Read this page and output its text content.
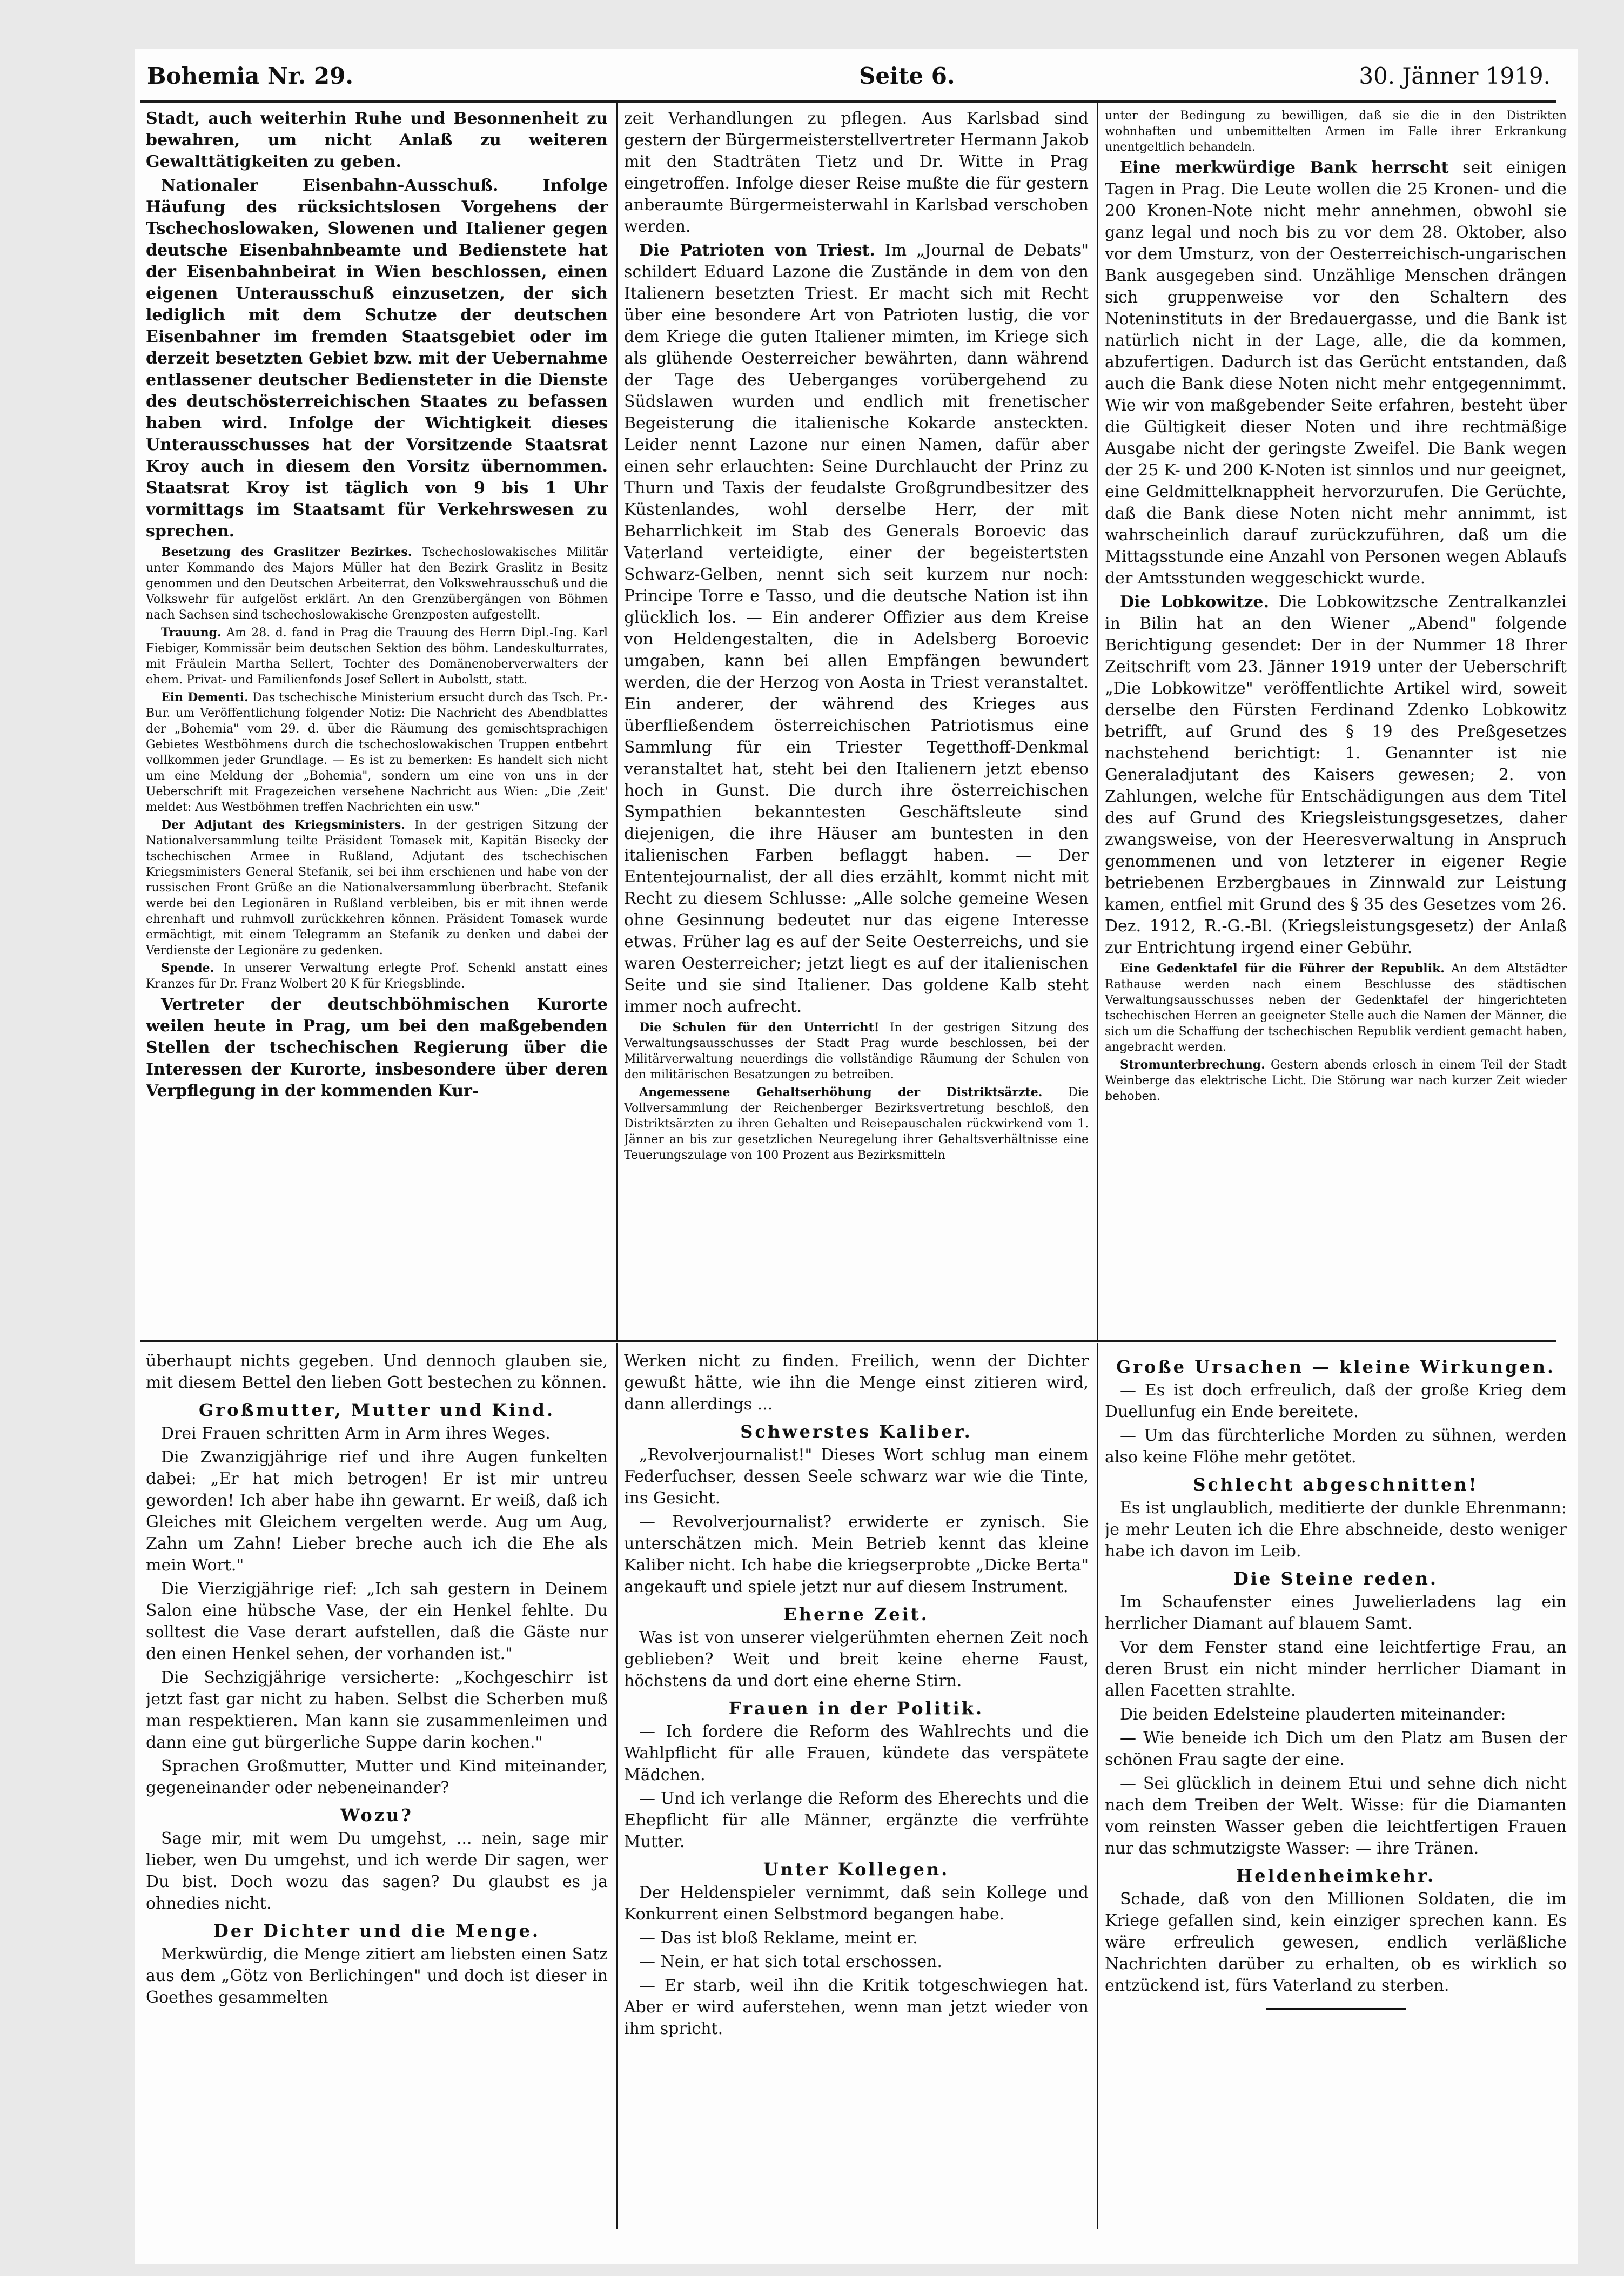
Bohemia Nr. 29.	Seite 6.	30. Jänner 1919.

Stadt, auch weiterhin Ruhe und Besonnenheit zu bewahren, um nicht Anlaß zu weiteren Gewalttätigkeiten zu geben.

Nationaler Eisenbahn-Ausschuß.	Infolge Häufung des rücksichtslosen Vorgehens der Tschechoslowaken, Slowenen und Italiener gegen deutsche Eisenbahnbeamte und Bedienstete hat der Eisenbahnbeirat in Wien beschlossen, einen eigenen Unterausschuß einzusetzen, der sich lediglich mit dem Schutze der deutschen Eisenbahner im fremden Staatsgebiet oder im derzeit besetzten Gebiet bzw. mit der Uebernahme entlassener deutscher Bediensteter in die Dienste des deutschösterreichischen Staates zu befassen haben wird. Infolge der Wichtigkeit dieses Unterausschusses hat der Vorsitzende Staatsrat Kroy auch in diesem den Vorsitz übernommen. Staatsrat Kroy ist täglich von 9 bis 1 Uhr vormittags im Staatsamt für Verkehrswesen zu sprechen.

Besetzung des Graslitzer Bezirkes. Tschechoslowakisches Militär unter Kommando des Majors Müller hat den Bezirk Graslitz in Besitz genommen und den Deutschen Arbeiterrat, den Volkswehrausschuß und die Volkswehr für aufgelöst erklärt. An den Grenzübergängen von Böhmen nach Sachsen sind tschechoslowakische Grenzposten aufgestellt.

Trauung. Am 28. d. fand in Prag die Trauung des Herrn Dipl.-Ing. Karl Fiebiger, Kommissär beim deutschen Sektion des böhm. Landeskulturrates, mit Fräulein Martha Sellert, Tochter des Domänenoberverwalters der ehem. Privat- und Familienfonds Josef Sellert in Aubolstt, statt.

Ein Dementi. Das tschechische Ministerium ersucht durch das Tsch. Pr.-Bur. um Veröffentlichung folgender Notiz: Die Nachricht des Abendblattes der „Bohemia" vom 29. d. über die Räumung des gemischtsprachigen Gebietes Westböhmens durch die tschechoslowakischen Truppen entbehrt vollkommen jeder Grundlage. — Es ist zu bemerken: Es handelt sich nicht um eine Meldung der „Bohemia", sondern um eine von uns in der Ueberschrift mit Fragezeichen versehene Nachricht aus Wien: „Die ‚Zeit' meldet: Aus Westböhmen treffen Nachrichten ein usw."

Der Adjutant des Kriegsministers. In der gestrigen Sitzung der Nationalversammlung teilte Präsident Tomasek mit, Kapitän Bisecky der tschechischen Armee in Rußland, Adjutant des tschechischen Kriegsministers General Stefanik, sei bei ihm erschienen und habe von der russischen Front Grüße an die Nationalversammlung überbracht. Stefanik werde bei den Legionären in Rußland verbleiben, bis er mit ihnen werde ehrenhaft und ruhmvoll zurückkehren können. Präsident Tomasek wurde ermächtigt, mit einem Telegramm an Stefanik zu denken und dabei der Verdienste der Legionäre zu gedenken.

Spende. In unserer Verwaltung erlegte Prof. Schenkl anstatt eines Kranzes für Dr. Franz Wolbert 20 K für Kriegsblinde.

Vertreter der deutschböhmischen Kurorte weilen heute in Prag, um bei den maßgebenden Stellen der tschechischen Regierung über die Interessen der Kurorte, insbesondere über deren Verpflegung in der kommenden Kur-

zeit Verhandlungen zu pflegen. Aus Karlsbad sind gestern der Bürgermeisterstellvertreter Hermann Jakob mit den Stadträten Tietz und Dr. Witte in Prag eingetroffen. Infolge dieser Reise mußte die für gestern anberaumte Bürgermeisterwahl in Karlsbad verschoben werden.

Die Patrioten von Triest. Im „Journal de Debats" schildert Eduard Lazone die Zustände in dem von den Italienern besetzten Triest. Er macht sich mit Recht über eine besondere Art von Patrioten lustig, die vor dem Kriege die guten Italiener mimten, im Kriege sich als glühende Oesterreicher bewährten, dann während der Tage des Ueberganges vorübergehend zu Südslawen wurden und endlich mit frenetischer Begeisterung die italienische Kokarde ansteckten. Leider nennt Lazone nur einen Namen, dafür aber einen sehr erlauchten: Seine Durchlaucht der Prinz zu Thurn und Taxis der feudalste Großgrundbesitzer des Küstenlandes, wohl derselbe Herr, der mit Beharrlichkeit im Stab des Generals Boroevic das Vaterland verteidigte, einer der begeistertsten Schwarz-Gelben, nennt sich seit kurzem nur noch: Principe Torre e Tasso, und die deutsche Nation ist ihn glücklich los. — Ein anderer Offizier aus dem Kreise von Heldengestalten, die in Adelsberg Boroevic umgaben, kann bei allen Empfängen bewundert werden, die der Herzog von Aosta in Triest veranstaltet. Ein anderer, der während des Krieges aus überfließendem österreichischen Patriotismus eine Sammlung für ein Triester Tegetthoff-Denkmal veranstaltet hat, steht bei den Italienern jetzt ebenso hoch in Gunst. Die durch ihre österreichischen Sympathien bekanntesten Geschäftsleute sind diejenigen, die ihre Häuser am buntesten in den italienischen Farben beflaggt haben. — Der Ententejournalist, der all dies erzählt, kommt nicht mit Recht zu diesem Schlusse: „Alle solche gemeine Wesen ohne Gesinnung bedeutet nur das eigene Interesse etwas. Früher lag es auf der Seite Oesterreichs, und sie waren Oesterreicher; jetzt liegt es auf der italienischen Seite und sie sind Italiener. Das goldene Kalb steht immer noch aufrecht.

Die Schulen für den Unterricht! In der gestrigen Sitzung des Verwaltungsausschusses der Stadt Prag wurde beschlossen, bei der Militärverwaltung neuerdings die vollständige Räumung der Schulen von den militärischen Besatzungen zu betreiben.

Angemessene Gehaltserhöhung der Distriktsärzte. Die Vollversammlung der Reichenberger Bezirksvertretung beschloß, den Distriktsärzten zu ihren Gehalten und Reisepauschalen rückwirkend vom 1. Jänner an bis zur gesetzlichen Neuregelung ihrer Gehaltsverhältnisse eine Teuerungszulage von 100 Prozent aus Bezirksmitteln

unter der Bedingung zu bewilligen, daß sie die in den Distrikten wohnhaften und unbemittelten Armen im Falle ihrer Erkrankung unentgeltlich behandeln.

Eine merkwürdige Bank herrscht seit einigen Tagen in Prag. Die Leute wollen die 25 Kronen- und die 200 Kronen-Note nicht mehr annehmen, obwohl sie ganz legal und noch bis zu vor dem 28. Oktober, also vor dem Umsturz, von der Oesterreichisch-ungarischen Bank ausgegeben sind. Unzählige Menschen drängen sich gruppenweise vor den Schaltern des Noteninstituts in der Bredauergasse, und die Bank ist natürlich nicht in der Lage, alle, die da kommen, abzufertigen. Dadurch ist das Gerücht entstanden, daß auch die Bank diese Noten nicht mehr entgegennimmt. Wie wir von maßgebender Seite erfahren, besteht über die Gültigkeit dieser Noten und ihre rechtmäßige Ausgabe nicht der geringste Zweifel. Die Bank wegen der 25 K- und 200 K-Noten ist sinnlos und nur geeignet, eine Geldmittelknappheit hervorzurufen. Die Gerüchte, daß die Bank diese Noten nicht mehr annimmt, ist wahrscheinlich darauf zurückzuführen, daß um die Mittagsstunde eine Anzahl von Personen wegen Ablaufs der Amtsstunden weggeschickt wurde.

Die Lobkowitze. Die Lobkowitzsche Zentralkanzlei in Bilin hat an den Wiener „Abend" folgende Berichtigung gesendet: Der in der Nummer 18 Ihrer Zeitschrift vom 23. Jänner 1919 unter der Ueberschrift „Die Lobkowitze" veröffentlichte Artikel wird, soweit derselbe den Fürsten Ferdinand Zdenko Lobkowitz betrifft, auf Grund des § 19 des Preßgesetzes nachstehend berichtigt: 1. Genannter ist nie Generaladjutant des Kaisers gewesen; 2. von Zahlungen, welche für Entschädigungen aus dem Titel des auf Grund des Kriegsleistungsgesetzes, daher zwangsweise, von der Heeresverwaltung in Anspruch genommenen und von letzterer in eigener Regie betriebenen Erzbergbaues in Zinnwald zur Leistung kamen, entfiel mit Grund des § 35 des Gesetzes vom 26. Dez. 1912, R.-G.-Bl. (Kriegsleistungsgesetz) der Anlaß zur Entrichtung irgend einer Gebühr.

Eine Gedenktafel für die Führer der Republik. An dem Altstädter Rathause werden nach einem Beschlusse des städtischen Verwaltungsausschusses neben der Gedenktafel der hingerichteten tschechischen Herren an geeigneter Stelle auch die Namen der Männer, die sich um die Schaffung der tschechischen Republik verdient gemacht haben, angebracht werden.

Stromunterbrechung. Gestern abends erlosch in einem Teil der Stadt Weinberge das elektrische Licht. Die Störung war nach kurzer Zeit wieder behoben.

überhaupt nichts gegeben. Und dennoch glauben sie, mit diesem Bettel den lieben Gott bestechen zu können.

Großmutter, Mutter und Kind.

Drei Frauen schritten Arm in Arm ihres Weges.

Die Zwanzigjährige rief und ihre Augen funkelten dabei: „Er hat mich betrogen! Er ist mir untreu geworden! Ich aber habe ihn gewarnt. Er weiß, daß ich Gleiches mit Gleichem vergelten werde. Aug um Aug, Zahn um Zahn! Lieber breche auch ich die Ehe als mein Wort."

Die Vierzigjährige rief: „Ich sah gestern in Deinem Salon eine hübsche Vase, der ein Henkel fehlte. Du solltest die Vase derart aufstellen, daß die Gäste nur den einen Henkel sehen, der vorhanden ist."

Die Sechzigjährige versicherte: „Kochgeschirr ist jetzt fast gar nicht zu haben. Selbst die Scherben muß man respektieren. Man kann sie zusammenleimen und dann eine gut bürgerliche Suppe darin kochen."

Sprachen Großmutter, Mutter und Kind miteinander, gegeneinander oder nebeneinander?

Wozu?

Sage mir, mit wem Du umgehst, ... nein, sage mir lieber, wen Du umgehst, und ich werde Dir sagen, wer Du bist. Doch wozu das sagen? Du glaubst es ja ohnedies nicht.

Der Dichter und die Menge.

Merkwürdig, die Menge zitiert am liebsten einen Satz aus dem „Götz von Berlichingen" und doch ist dieser in Goethes gesammelten

Werken nicht zu finden. Freilich, wenn der Dichter gewußt hätte, wie ihn die Menge einst zitieren wird, dann allerdings ...

Schwerstes Kaliber.

„Revolverjournalist!" Dieses Wort schlug man einem Federfuchser, dessen Seele schwarz war wie die Tinte, ins Gesicht.

— Revolverjournalist? erwiderte er zynisch. Sie unterschätzen mich. Mein Betrieb kennt das kleine Kaliber nicht. Ich habe die kriegserprobte „Dicke Berta" angekauft und spiele jetzt nur auf diesem Instrument.

Eherne Zeit.

Was ist von unserer vielgerühmten ehernen Zeit noch geblieben? Weit und breit keine eherne Faust, höchstens da und dort eine eherne Stirn.

Frauen in der Politik.

— Ich fordere die Reform des Wahlrechts und die Wahlpflicht für alle Frauen, kündete das verspätete Mädchen.

— Und ich verlange die Reform des Eherechts und die Ehepflicht für alle Männer, ergänzte die verfrühte Mutter.

Unter Kollegen.

Der Heldenspieler vernimmt, daß sein Kollege und Konkurrent einen Selbstmord begangen habe.

— Das ist bloß Reklame, meint er.

— Nein, er hat sich total erschossen.

— Er starb, weil ihn die Kritik totgeschwiegen hat. Aber er wird auferstehen, wenn man jetzt wieder von ihm spricht.

Große Ursachen — kleine Wirkungen.

— Es ist doch erfreulich, daß der große Krieg dem Duellunfug ein Ende bereitete.

— Um das fürchterliche Morden zu sühnen, werden also keine Flöhe mehr getötet.

Schlecht abgeschnitten!

Es ist unglaublich, meditierte der dunkle Ehrenmann: je mehr Leuten ich die Ehre abschneide, desto weniger habe ich davon im Leib.

Die Steine reden.

Im Schaufenster eines Juwelierladens lag ein herrlicher Diamant auf blauem Samt.

Vor dem Fenster stand eine leichtfertige Frau, an deren Brust ein nicht minder herrlicher Diamant in allen Facetten strahlte.

Die beiden Edelsteine plauderten miteinander:

— Wie beneide ich Dich um den Platz am Busen der schönen Frau sagte der eine.

— Sei glücklich in deinem Etui und sehne dich nicht nach dem Treiben der Welt. Wisse: für die Diamanten vom reinsten Wasser geben die leichtfertigen Frauen nur das schmutzigste Wasser: — ihre Tränen.

Heldenheimkehr.

Schade, daß von den Millionen Soldaten, die im Kriege gefallen sind, kein einziger sprechen kann. Es wäre erfreulich gewesen, endlich verläßliche Nachrichten darüber zu erhalten, ob es wirklich so entzückend ist, fürs Vaterland zu sterben.
